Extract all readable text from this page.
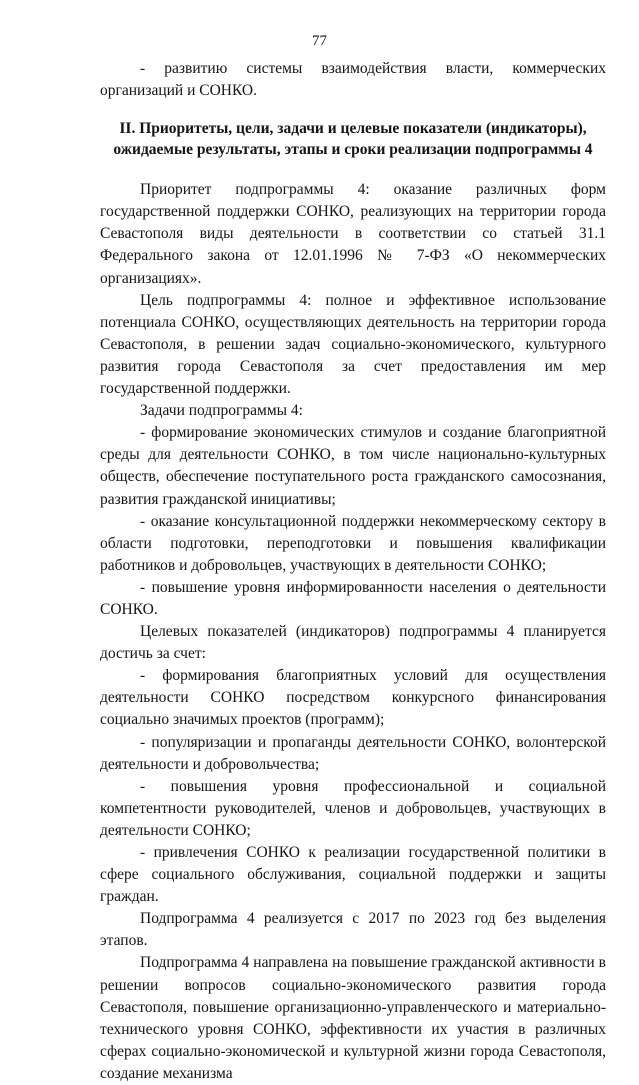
77

- развитию системы взаимодействия власти, коммерческих организаций и СОНКО.

II. Приоритеты, цели, задачи и целевые показатели (индикаторы), ожидаемые результаты, этапы и сроки реализации подпрограммы 4

Приоритет подпрограммы 4: оказание различных форм государственной поддержки СОНКО, реализующих на территории города Севастополя виды деятельности в соответствии со статьей 31.1 Федерального закона от 12.01.1996 № 7-ФЗ «О некоммерческих организациях».

Цель подпрограммы 4: полное и эффективное использование потенциала СОНКО, осуществляющих деятельность на территории города Севастополя, в решении задач социально-экономического, культурного развития города Севастополя за счет предоставления им мер государственной поддержки.

Задачи подпрограммы 4:

- формирование экономических стимулов и создание благоприятной среды для деятельности СОНКО, в том числе национально-культурных обществ, обеспечение поступательного роста гражданского самосознания, развития гражданской инициативы;

- оказание консультационной поддержки некоммерческому сектору в области подготовки, переподготовки и повышения квалификации работников и добровольцев, участвующих в деятельности СОНКО;

- повышение уровня информированности населения о деятельности СОНКО.

Целевых показателей (индикаторов) подпрограммы 4 планируется достичь за счет:

- формирования благоприятных условий для осуществления деятельности СОНКО посредством конкурсного финансирования социально значимых проектов (программ);

- популяризации и пропаганды деятельности СОНКО, волонтерской деятельности и добровольчества;

- повышения уровня профессиональной и социальной компетентности руководителей, членов и добровольцев, участвующих в деятельности СОНКО;

- привлечения СОНКО к реализации государственной политики в сфере социального обслуживания, социальной поддержки и защиты граждан.

Подпрограмма 4 реализуется с 2017 по 2023 год без выделения этапов.

Подпрограмма 4 направлена на повышение гражданской активности в решении вопросов социально-экономического развития города Севастополя, повышение организационно-управленческого и материально-технического уровня СОНКО, эффективности их участия в различных сферах социально-экономической и культурной жизни города Севастополя, создание механизма
